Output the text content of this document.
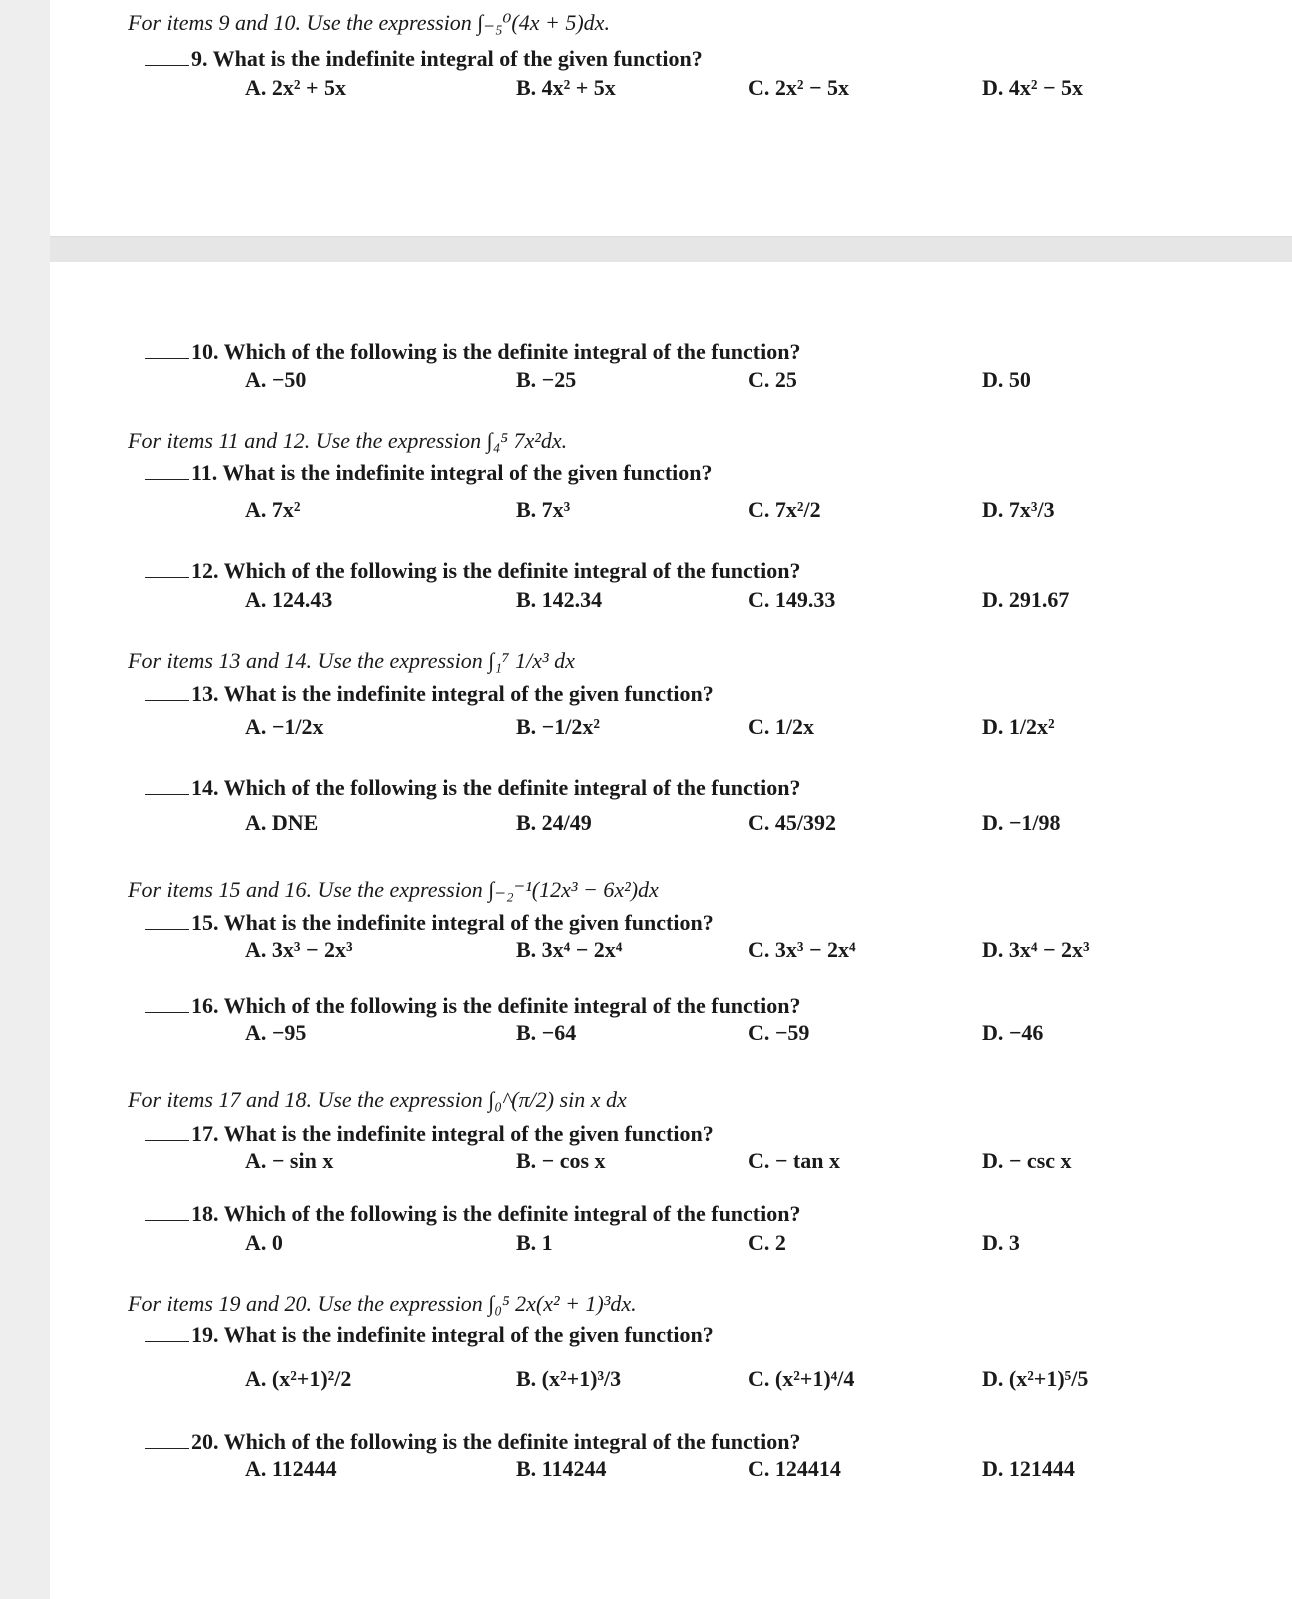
For items 9 and 10. Use the expression ∫₋₅⁰(4x + 5)dx.
9. What is the indefinite integral of the given function?
A. 2x² + 5x	B. 4x² + 5x	C. 2x² − 5x	D. 4x² − 5x
10. Which of the following is the definite integral of the function?
A. −50	B. −25	C. 25	D. 50
For items 11 and 12. Use the expression ∫₄⁵ 7x²dx.
11. What is the indefinite integral of the given function?
A. 7x²	B. 7x³	C. 7x²/2	D. 7x³/3
12. Which of the following is the definite integral of the function?
A. 124.43	B. 142.34	C. 149.33	D. 291.67
For items 13 and 14. Use the expression ∫₁⁷ 1/x³ dx
13. What is the indefinite integral of the given function?
A. −1/2x	B. −1/2x²	C. 1/2x	D. 1/2x²
14. Which of the following is the definite integral of the function?
A. DNE	B. 24/49	C. 45/392	D. −1/98
For items 15 and 16. Use the expression ∫₋₂⁻¹(12x³ − 6x²)dx
15. What is the indefinite integral of the given function?
A. 3x³ − 2x³	B. 3x⁴ − 2x⁴	C. 3x³ − 2x⁴	D. 3x⁴ − 2x³
16. Which of the following is the definite integral of the function?
A. −95	B. −64	C. −59	D. −46
For items 17 and 18. Use the expression ∫₀^(π/2) sin x dx
17. What is the indefinite integral of the given function?
A. − sin x	B. − cos x	C. − tan x	D. − csc x
18. Which of the following is the definite integral of the function?
A. 0	B. 1	C. 2	D. 3
For items 19 and 20. Use the expression ∫₀⁵ 2x(x² + 1)³dx.
19. What is the indefinite integral of the given function?
A. (x²+1)²/2	B. (x²+1)³/3	C. (x²+1)⁴/4	D. (x²+1)⁵/5
20. Which of the following is the definite integral of the function?
A. 112444	B. 114244	C. 124414	D. 121444
